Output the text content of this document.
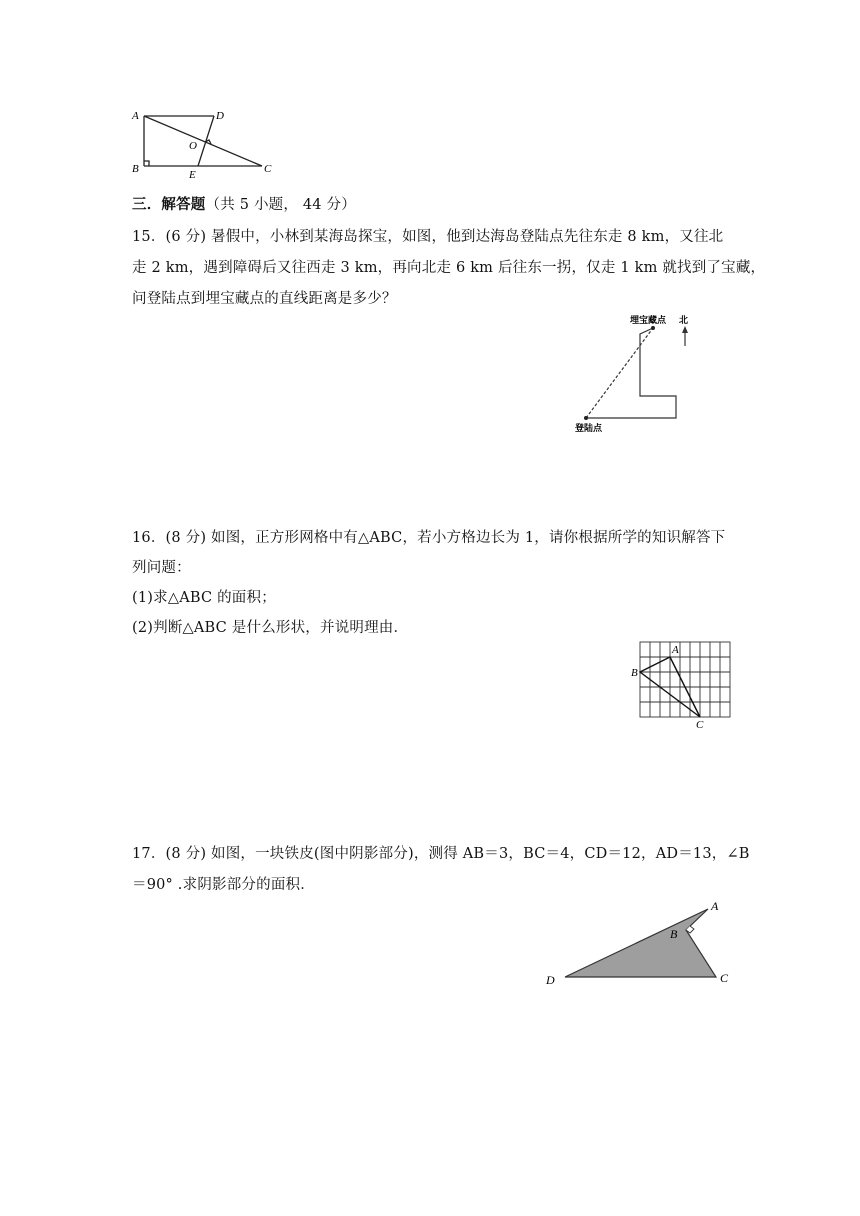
A	D
O
B	E	C
三．解答题（共 5 小题， 44 分）
15．(6 分) 暑假中，小林到某海岛探宝，如图，他到达海岛登陆点先往东走 8 km，又往北
走 2 km，遇到障碍后又往西走 3 km，再向北走 6 km 后往东一拐，仅走 1 km 就找到了宝藏，
问登陆点到埋宝藏点的直线距离是多少？
埋宝藏点 北
登陆点
16．(8 分) 如图，正方形网格中有△ABC，若小方格边长为 1，请你根据所学的知识解答下
列问题：
(1)求△ABC 的面积；
(2)判断△ABC 是什么形状，并说明理由．
A
B
C
17．(8 分) 如图，一块铁皮(图中阴影部分)，测得 AB＝3，BC＝4，CD＝12，AD＝13，∠B
＝90° .求阴影部分的面积．
A
B
C
D
